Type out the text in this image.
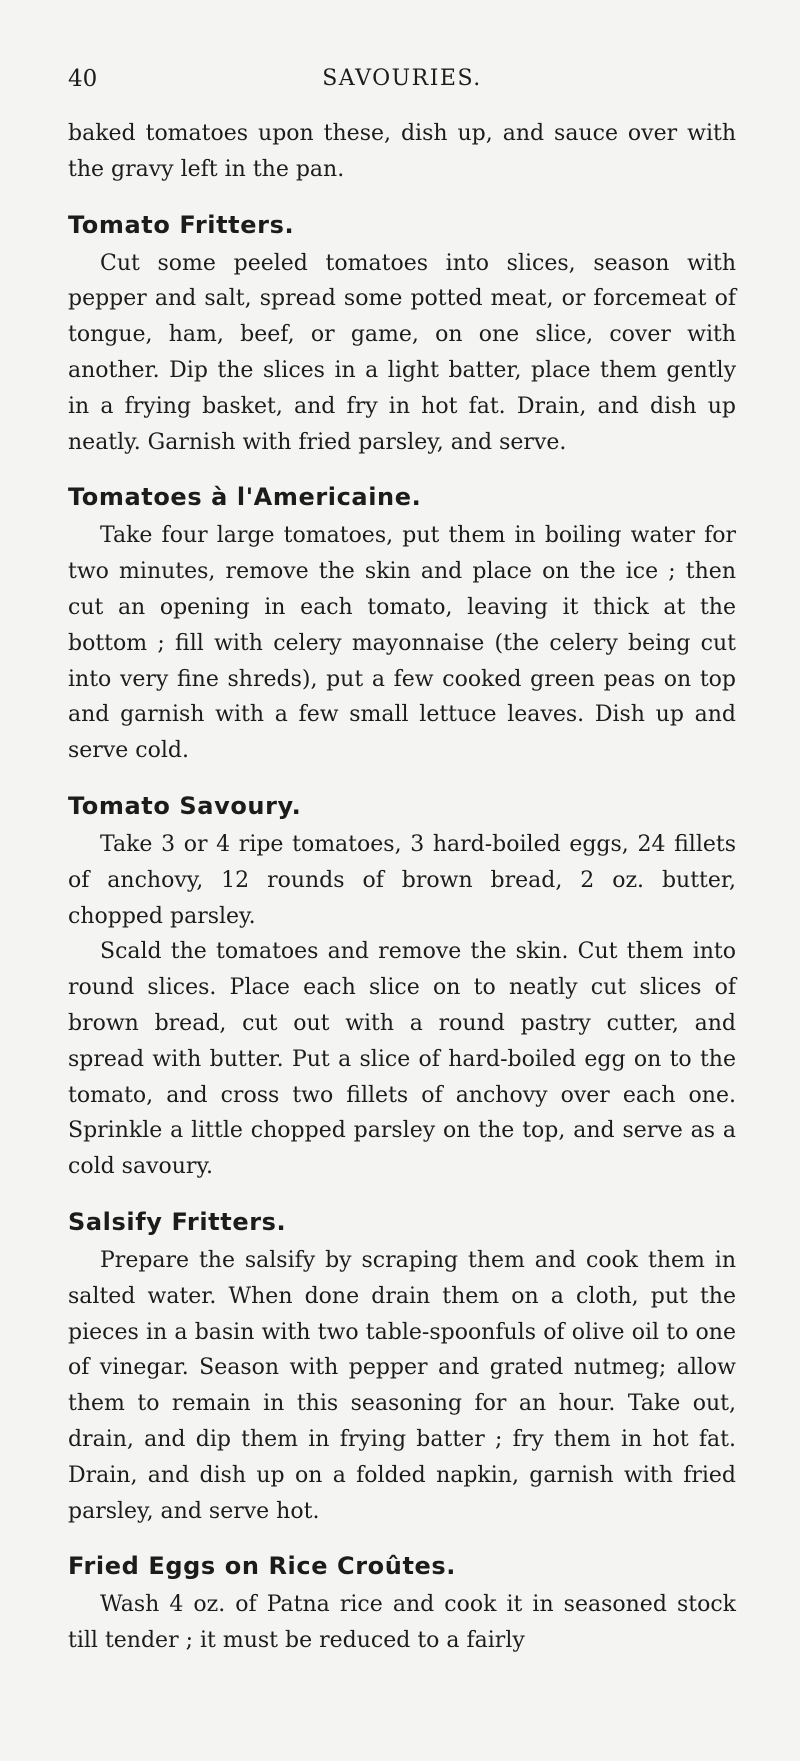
40	SAVOURIES.

baked tomatoes upon these, dish up, and sauce over with the gravy left in the pan.

Tomato Fritters.

Cut some peeled tomatoes into slices, season with pepper and salt, spread some potted meat, or forcemeat of tongue, ham, beef, or game, on one slice, cover with another. Dip the slices in a light batter, place them gently in a frying basket, and fry in hot fat. Drain, and dish up neatly. Garnish with fried parsley, and serve.

Tomatoes à l'Americaine.

Take four large tomatoes, put them in boiling water for two minutes, remove the skin and place on the ice ; then cut an opening in each tomato, leaving it thick at the bottom ; fill with celery mayonnaise (the celery being cut into very fine shreds), put a few cooked green peas on top and garnish with a few small lettuce leaves. Dish up and serve cold.

Tomato Savoury.

Take 3 or 4 ripe tomatoes, 3 hard-boiled eggs, 24 fillets of anchovy, 12 rounds of brown bread, 2 oz. butter, chopped parsley.

Scald the tomatoes and remove the skin. Cut them into round slices. Place each slice on to neatly cut slices of brown bread, cut out with a round pastry cutter, and spread with butter. Put a slice of hard-boiled egg on to the tomato, and cross two fillets of anchovy over each one. Sprinkle a little chopped parsley on the top, and serve as a cold savoury.

Salsify Fritters.

Prepare the salsify by scraping them and cook them in salted water. When done drain them on a cloth, put the pieces in a basin with two table-spoonfuls of olive oil to one of vinegar. Season with pepper and grated nutmeg; allow them to remain in this seasoning for an hour. Take out, drain, and dip them in frying batter ; fry them in hot fat. Drain, and dish up on a folded napkin, garnish with fried parsley, and serve hot.

Fried Eggs on Rice Croûtes.

Wash 4 oz. of Patna rice and cook it in seasoned stock till tender ; it must be reduced to a fairly
